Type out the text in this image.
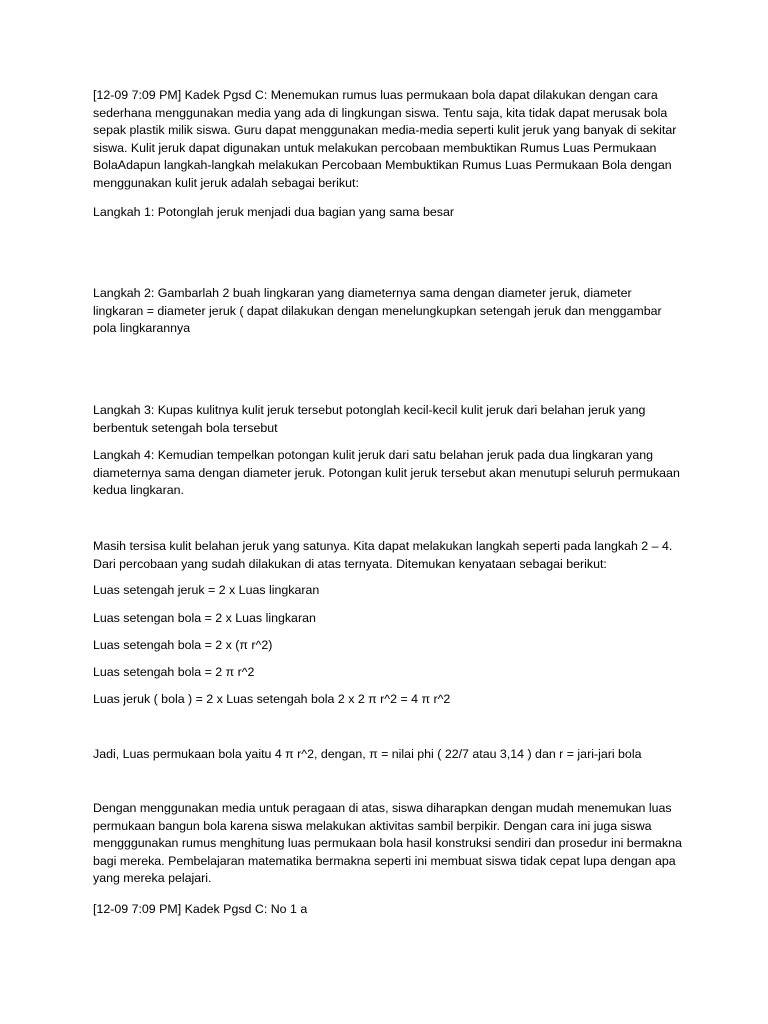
[12-09 7:09 PM] Kadek Pgsd C: Menemukan rumus luas permukaan bola dapat dilakukan dengan cara sederhana menggunakan media yang ada di lingkungan siswa. Tentu saja, kita tidak dapat merusak bola sepak plastik milik siswa. Guru dapat menggunakan media-media seperti kulit jeruk yang banyak di sekitar siswa. Kulit jeruk dapat digunakan untuk melakukan percobaan membuktikan Rumus Luas Permukaan BolaAdapun langkah-langkah melakukan Percobaan Membuktikan Rumus Luas Permukaan Bola dengan menggunakan kulit jeruk adalah sebagai berikut:
Langkah 1: Potonglah jeruk menjadi dua bagian yang sama besar
Langkah 2: Gambarlah 2 buah lingkaran yang diameternya sama dengan diameter jeruk, diameter lingkaran = diameter jeruk ( dapat dilakukan dengan menelungkupkan setengah jeruk dan menggambar pola lingkarannya
Langkah 3: Kupas kulitnya kulit jeruk tersebut potonglah kecil-kecil kulit jeruk dari belahan jeruk yang berbentuk setengah bola tersebut
Langkah 4: Kemudian tempelkan potongan kulit jeruk dari satu belahan jeruk pada dua lingkaran yang diameternya sama dengan diameter jeruk. Potongan kulit jeruk tersebut akan menutupi seluruh permukaan kedua lingkaran.
Masih tersisa kulit belahan jeruk yang satunya. Kita dapat melakukan langkah seperti pada langkah 2 – 4. Dari percobaan yang sudah dilakukan di atas ternyata. Ditemukan kenyataan sebagai berikut:
Luas setengah jeruk = 2 x Luas lingkaran
Luas setengan bola = 2 x Luas lingkaran
Luas setengah bola = 2 x (π r^2)
Luas setengah bola = 2 π r^2
Luas jeruk ( bola ) = 2 x Luas setengah bola 2 x 2 π r^2 = 4 π r^2
Jadi, Luas permukaan bola yaitu 4 π r^2, dengan, π = nilai phi ( 22/7 atau 3,14 ) dan r = jari-jari bola
Dengan menggunakan media untuk peragaan di atas, siswa diharapkan dengan mudah menemukan luas permukaan bangun bola karena siswa melakukan aktivitas sambil berpikir. Dengan cara ini juga siswa mengggunakan rumus menghitung luas permukaan bola hasil konstruksi sendiri dan prosedur ini bermakna bagi mereka. Pembelajaran matematika bermakna seperti ini membuat siswa tidak cepat lupa dengan apa yang mereka pelajari.
[12-09 7:09 PM] Kadek Pgsd C: No 1 a
